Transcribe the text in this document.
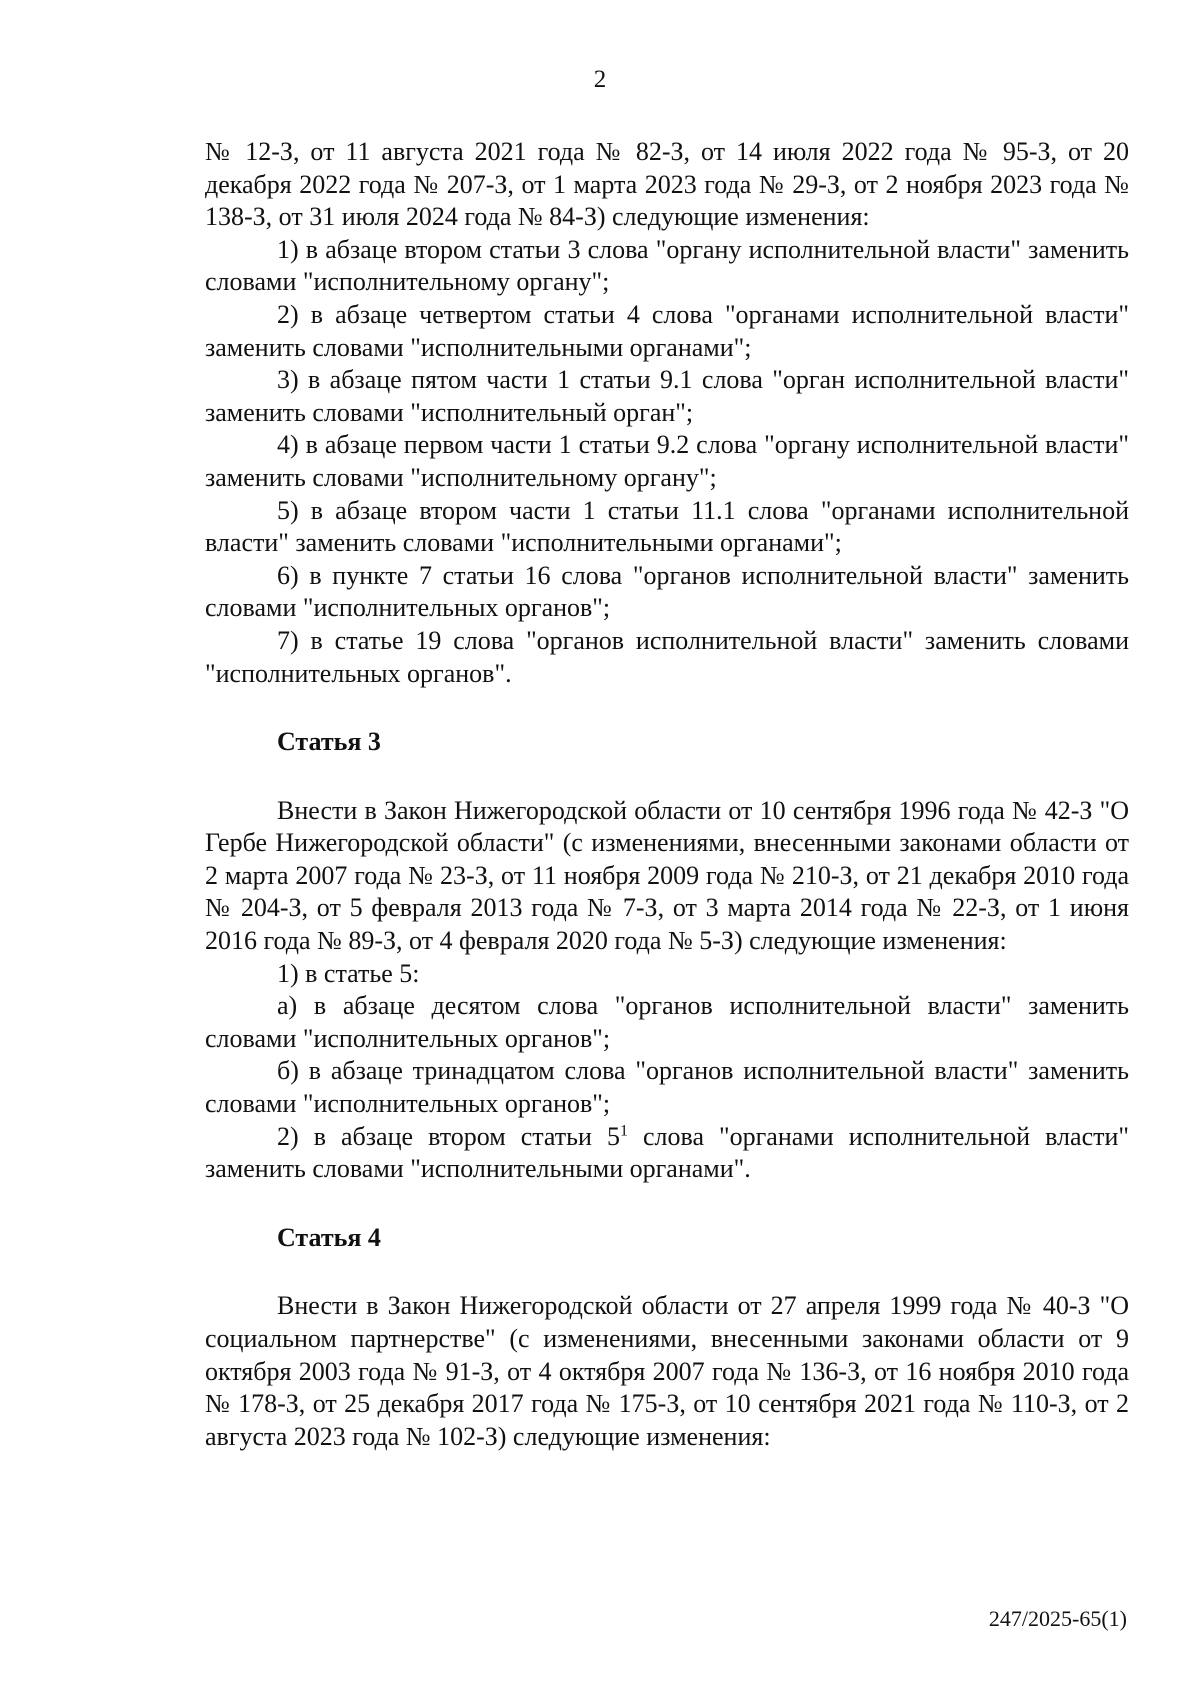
2

№ 12-З, от 11 августа 2021 года № 82-З, от 14 июля 2022 года № 95-З, от 20 декабря 2022 года № 207-З, от 1 марта 2023 года № 29-З, от 2 ноября 2023 года № 138-З, от 31 июля 2024 года № 84-З) следующие изменения:

1) в абзаце втором статьи 3 слова "органу исполнительной власти" заменить словами "исполнительному органу";

2) в абзаце четвертом статьи 4 слова "органами исполнительной власти" заменить словами "исполнительными органами";

3) в абзаце пятом части 1 статьи 9.1 слова "орган исполнительной власти" заменить словами "исполнительный орган";

4) в абзаце первом части 1 статьи 9.2 слова "органу исполнительной власти" заменить словами "исполнительному органу";

5) в абзаце втором части 1 статьи 11.1 слова "органами исполнительной власти" заменить словами "исполнительными органами";

6) в пункте 7 статьи 16 слова "органов исполнительной власти" заменить словами "исполнительных органов";

7) в статье 19 слова "органов исполнительной власти" заменить словами "исполнительных органов".

Статья 3

Внести в Закон Нижегородской области от 10 сентября 1996 года № 42-З "О Гербе Нижегородской области" (с изменениями, внесенными законами области от 2 марта 2007 года № 23-З, от 11 ноября 2009 года № 210-З, от 21 декабря 2010 года № 204-З, от 5 февраля 2013 года № 7-З, от 3 марта 2014 года № 22-З, от 1 июня 2016 года № 89-З, от 4 февраля 2020 года № 5-З) следующие изменения:

1) в статье 5:

а) в абзаце десятом слова "органов исполнительной власти" заменить словами "исполнительных органов";

б) в абзаце тринадцатом слова "органов исполнительной власти" заменить словами "исполнительных органов";

2) в абзаце втором статьи $5^1$ слова "органами исполнительной власти" заменить словами "исполнительными органами".

Статья 4

Внести в Закон Нижегородской области от 27 апреля 1999 года № 40-З "О социальном партнерстве" (с изменениями, внесенными законами области от 9 октября 2003 года № 91-З, от 4 октября 2007 года № 136-З, от 16 ноября 2010 года № 178-З, от 25 декабря 2017 года № 175-З, от 10 сентября 2021 года № 110-З, от 2 августа 2023 года № 102-З) следующие изменения:

247/2025-65(1)
